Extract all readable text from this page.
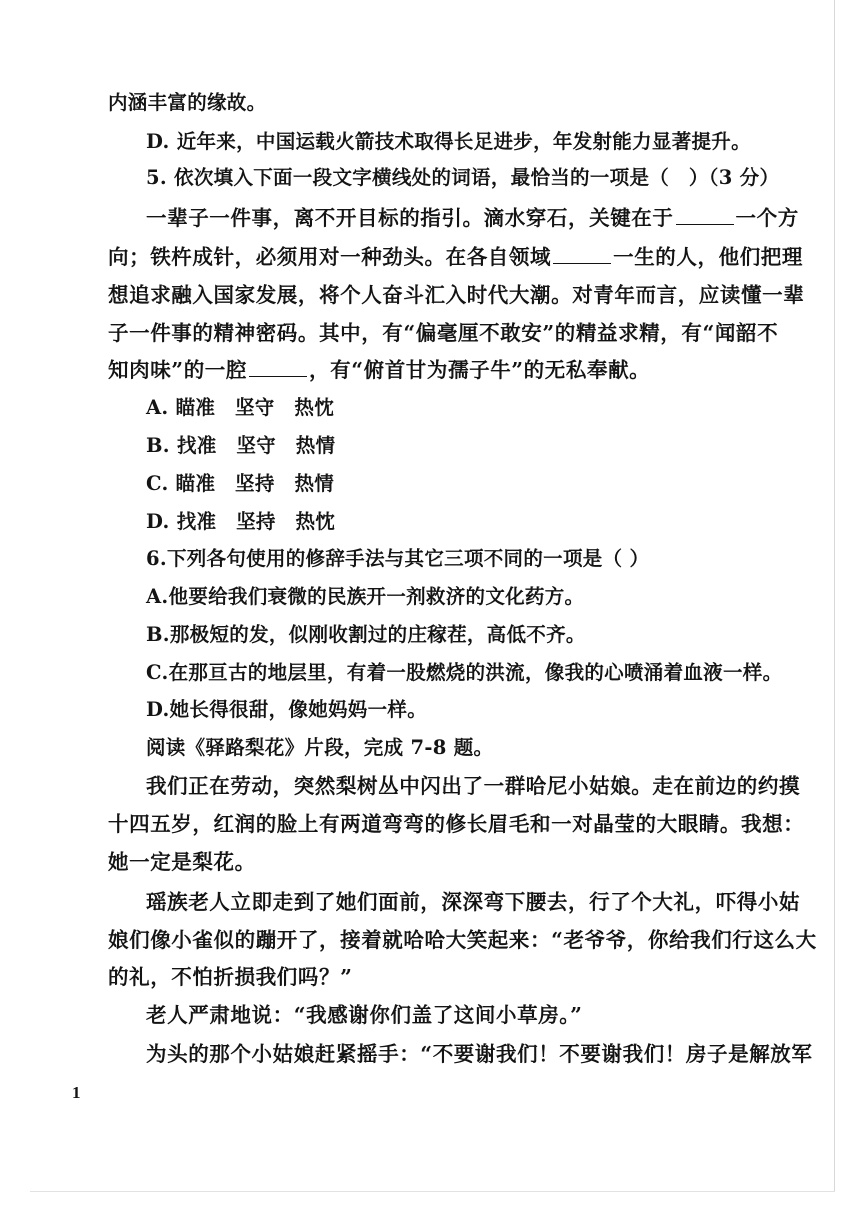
内涵丰富的缘故。
D. 近年来，中国运载火箭技术取得长足进步，年发射能力显著提升。
5. 依次填入下面一段文字横线处的词语，最恰当的一项是（　）（3 分）
一辈子一件事，离不开目标的指引。滴水穿石，关键在于	一个方
向；铁杵成针，必须用对一种劲头。在各自领域	一生的人，他们把理
想追求融入国家发展，将个人奋斗汇入时代大潮。对青年而言，应读懂一辈
子一件事的精神密码。其中，有“偏毫厘不敢安”的精益求精，有“闻韶不
知肉味”的一腔	，有“俯首甘为孺子牛”的无私奉献。
A. 瞄准　坚守　热忱
B. 找准　坚守　热情
C. 瞄准　坚持　热情
D. 找准　坚持　热忱
6.下列各句使用的修辞手法与其它三项不同的一项是（ ）
A.他要给我们衰微的民族开一剂救济的文化药方。
B.那极短的发，似刚收割过的庄稼茬，高低不齐。
C.在那亘古的地层里，有着一股燃烧的洪流，像我的心喷涌着血液一样。
D.她长得很甜，像她妈妈一样。
阅读《驿路梨花》片段，完成 7-8 题。
我们正在劳动，突然梨树丛中闪出了一群哈尼小姑娘。走在前边的约摸
十四五岁，红润的脸上有两道弯弯的修长眉毛和一对晶莹的大眼睛。我想：
她一定是梨花。
瑶族老人立即走到了她们面前，深深弯下腰去，行了个大礼，吓得小姑
娘们像小雀似的蹦开了，接着就哈哈大笑起来：“老爷爷，你给我们行这么大
的礼，不怕折损我们吗？”
老人严肃地说：“我感谢你们盖了这间小草房。”
为头的那个小姑娘赶紧摇手：“不要谢我们！不要谢我们！房子是解放军
1
